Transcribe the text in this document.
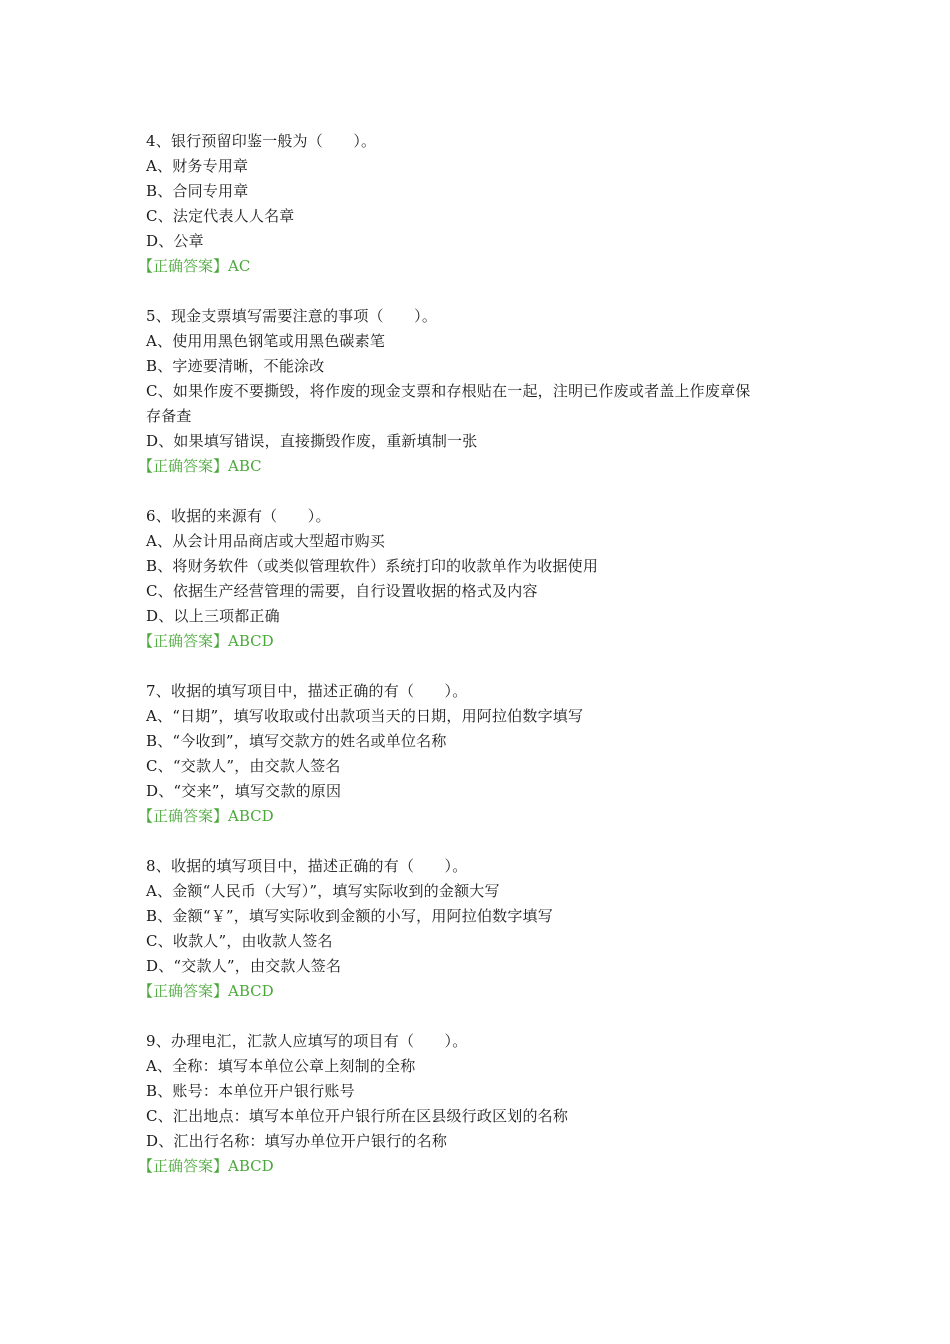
4、银行预留印鉴一般为（　　）。
A、财务专用章
B、合同专用章
C、法定代表人人名章
D、公章
【正确答案】AC
5、现金支票填写需要注意的事项（　　）。
A、使用用黑色钢笔或用黑色碳素笔
B、字迹要清晰，不能涂改
C、如果作废不要撕毁，将作废的现金支票和存根贴在一起，注明已作废或者盖上作废章保
存备查
D、如果填写错误，直接撕毁作废，重新填制一张
【正确答案】ABC
6、收据的来源有（　　）。
A、从会计用品商店或大型超市购买
B、将财务软件（或类似管理软件）系统打印的收款单作为收据使用
C、依据生产经营管理的需要，自行设置收据的格式及内容
D、以上三项都正确
【正确答案】ABCD
7、收据的填写项目中，描述正确的有（　　）。
A、“日期”，填写收取或付出款项当天的日期，用阿拉伯数字填写
B、“今收到”，填写交款方的姓名或单位名称
C、“交款人”，由交款人签名
D、“交来”，填写交款的原因
【正确答案】ABCD
8、收据的填写项目中，描述正确的有（　　）。
A、金额“人民币（大写）”，填写实际收到的金额大写
B、金额“￥”，填写实际收到金额的小写，用阿拉伯数字填写
C、收款人”，由收款人签名
D、“交款人”，由交款人签名
【正确答案】ABCD
9、办理电汇，汇款人应填写的项目有（　　）。
A、全称：填写本单位公章上刻制的全称
B、账号：本单位开户银行账号
C、汇出地点：填写本单位开户银行所在区县级行政区划的名称
D、汇出行名称：填写办单位开户银行的名称
【正确答案】ABCD
